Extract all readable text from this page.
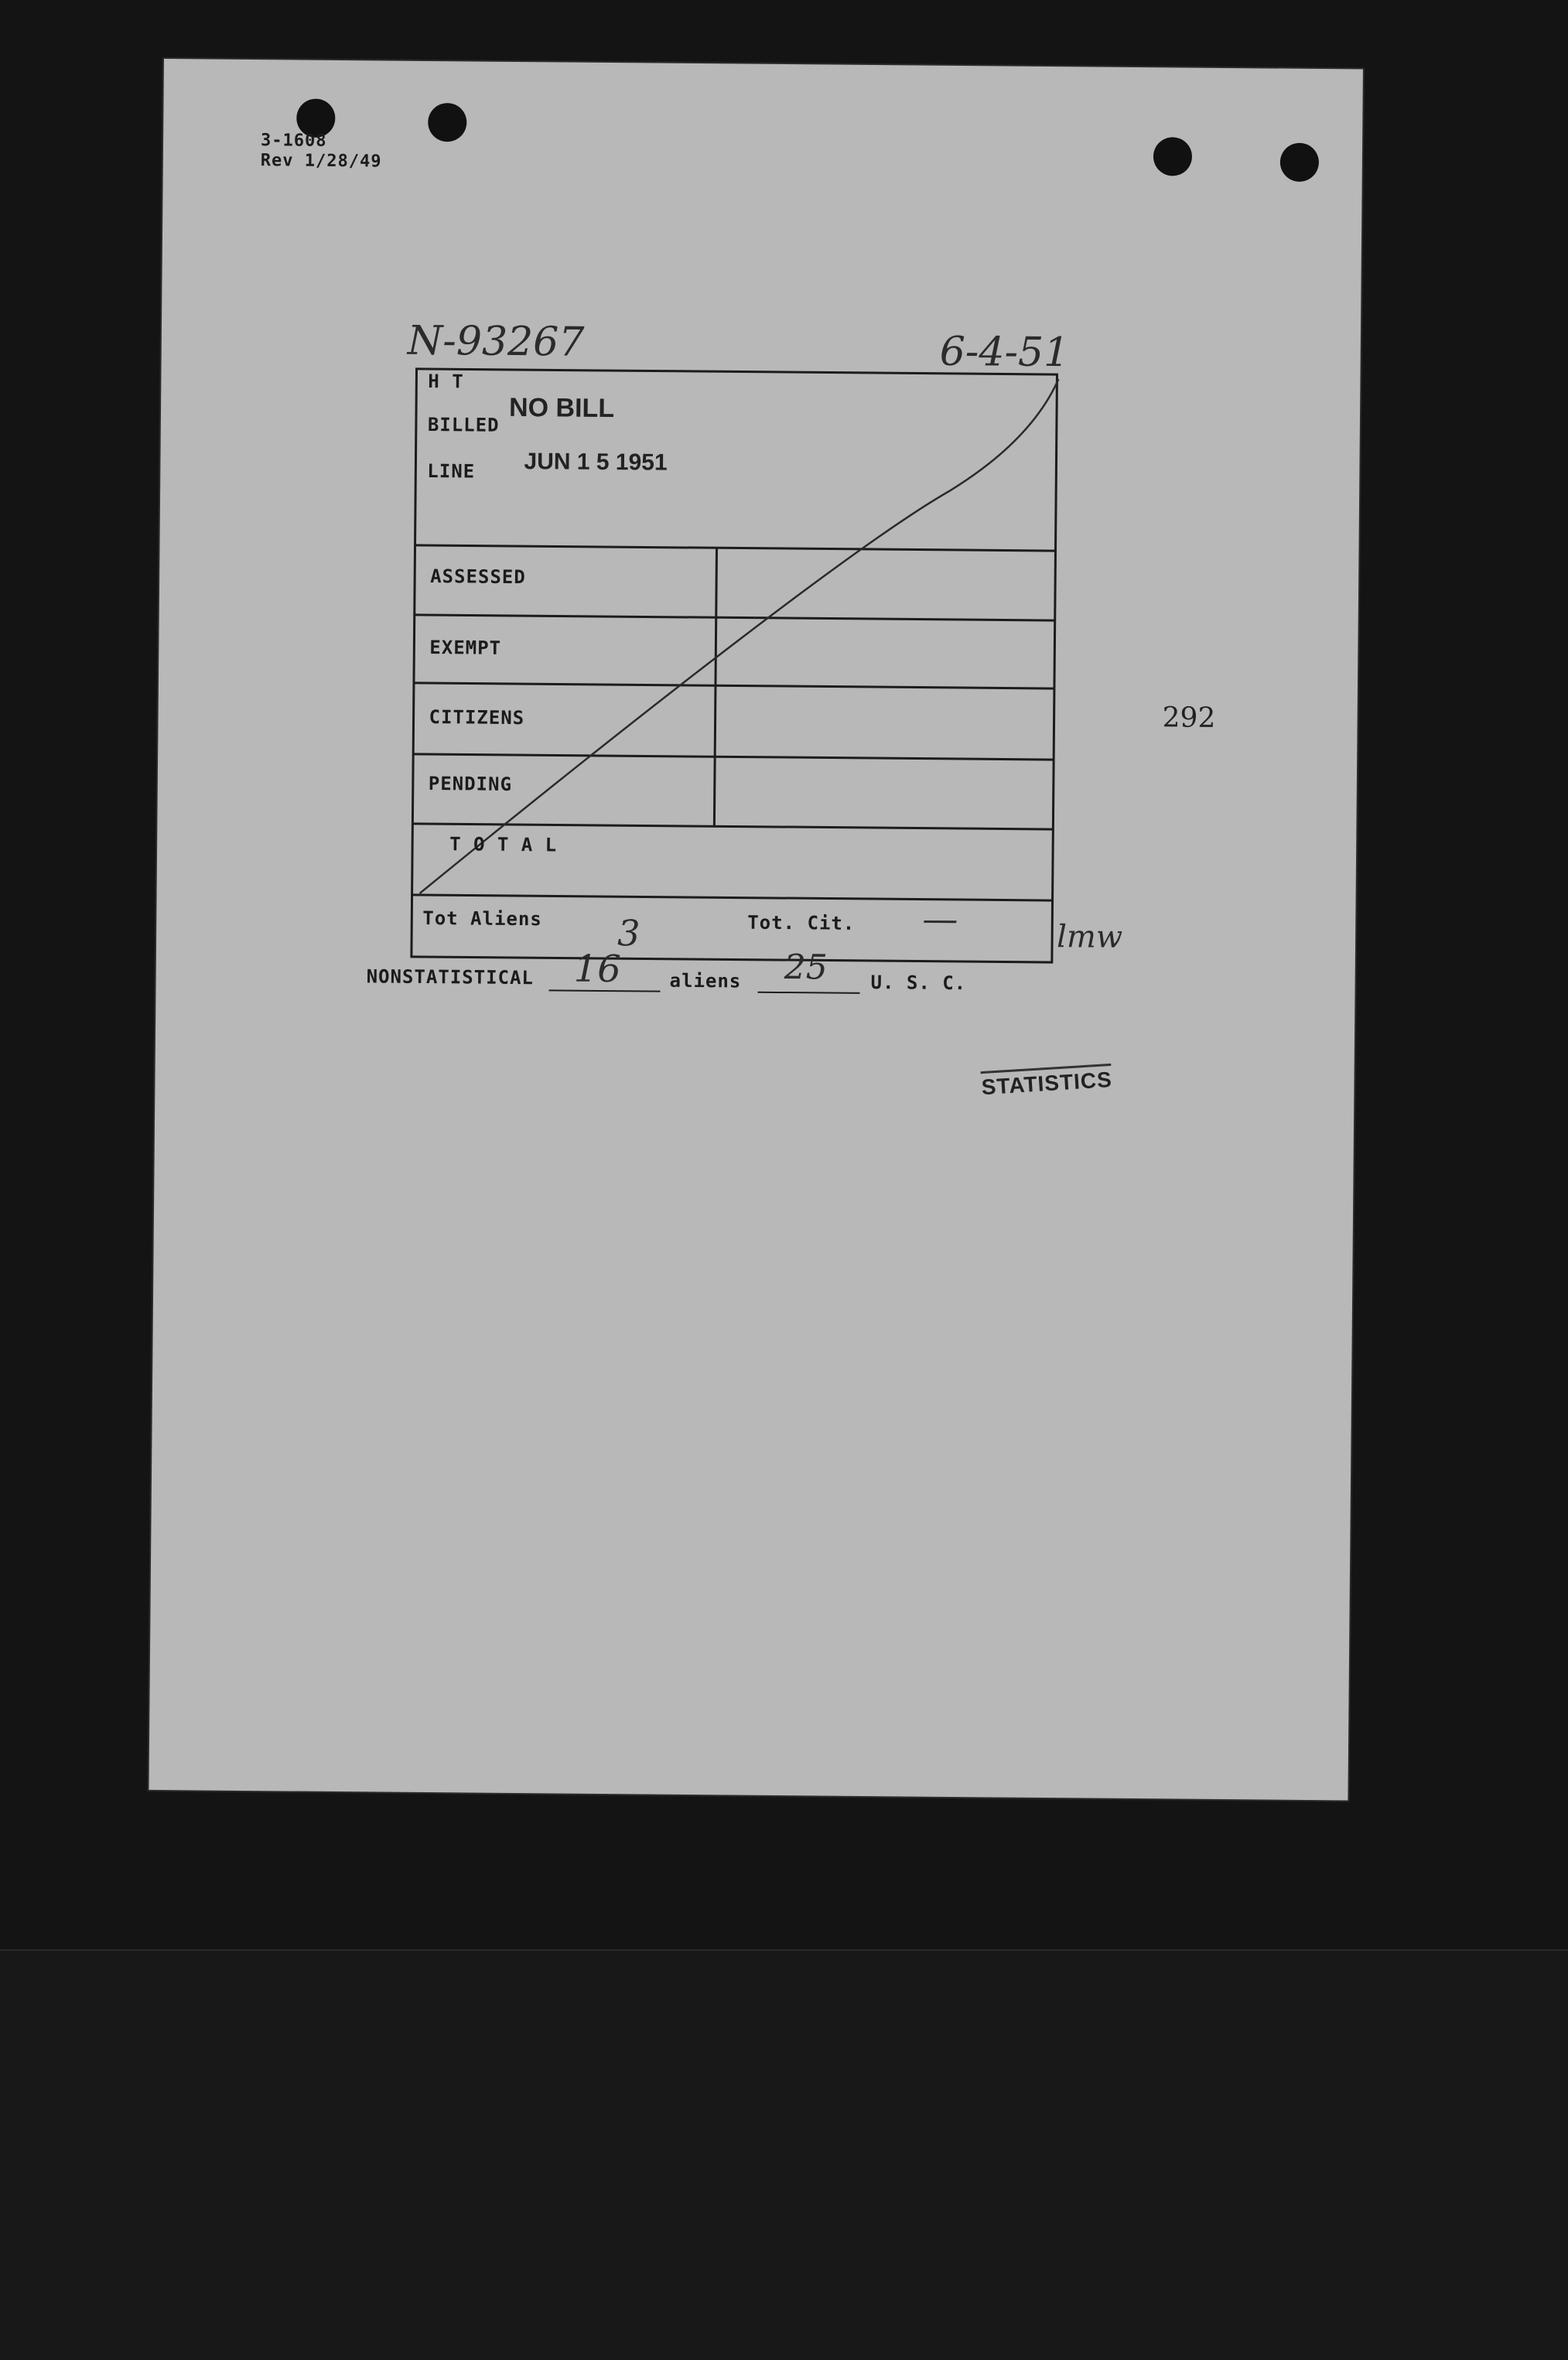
3-1608
Rev 1/28/49
N-93267	6-4-51
H T
BILLED
NO BILL
LINE JUN 1 5 1951
ASSESSED
EXEMPT
CITIZENS
PENDING
T O T A L
Tot Aliens 3	Tot. Cit. —	lmw
NONSTATISTICAL 16	aliens 25 U. S. C.
292
STATISTICS
